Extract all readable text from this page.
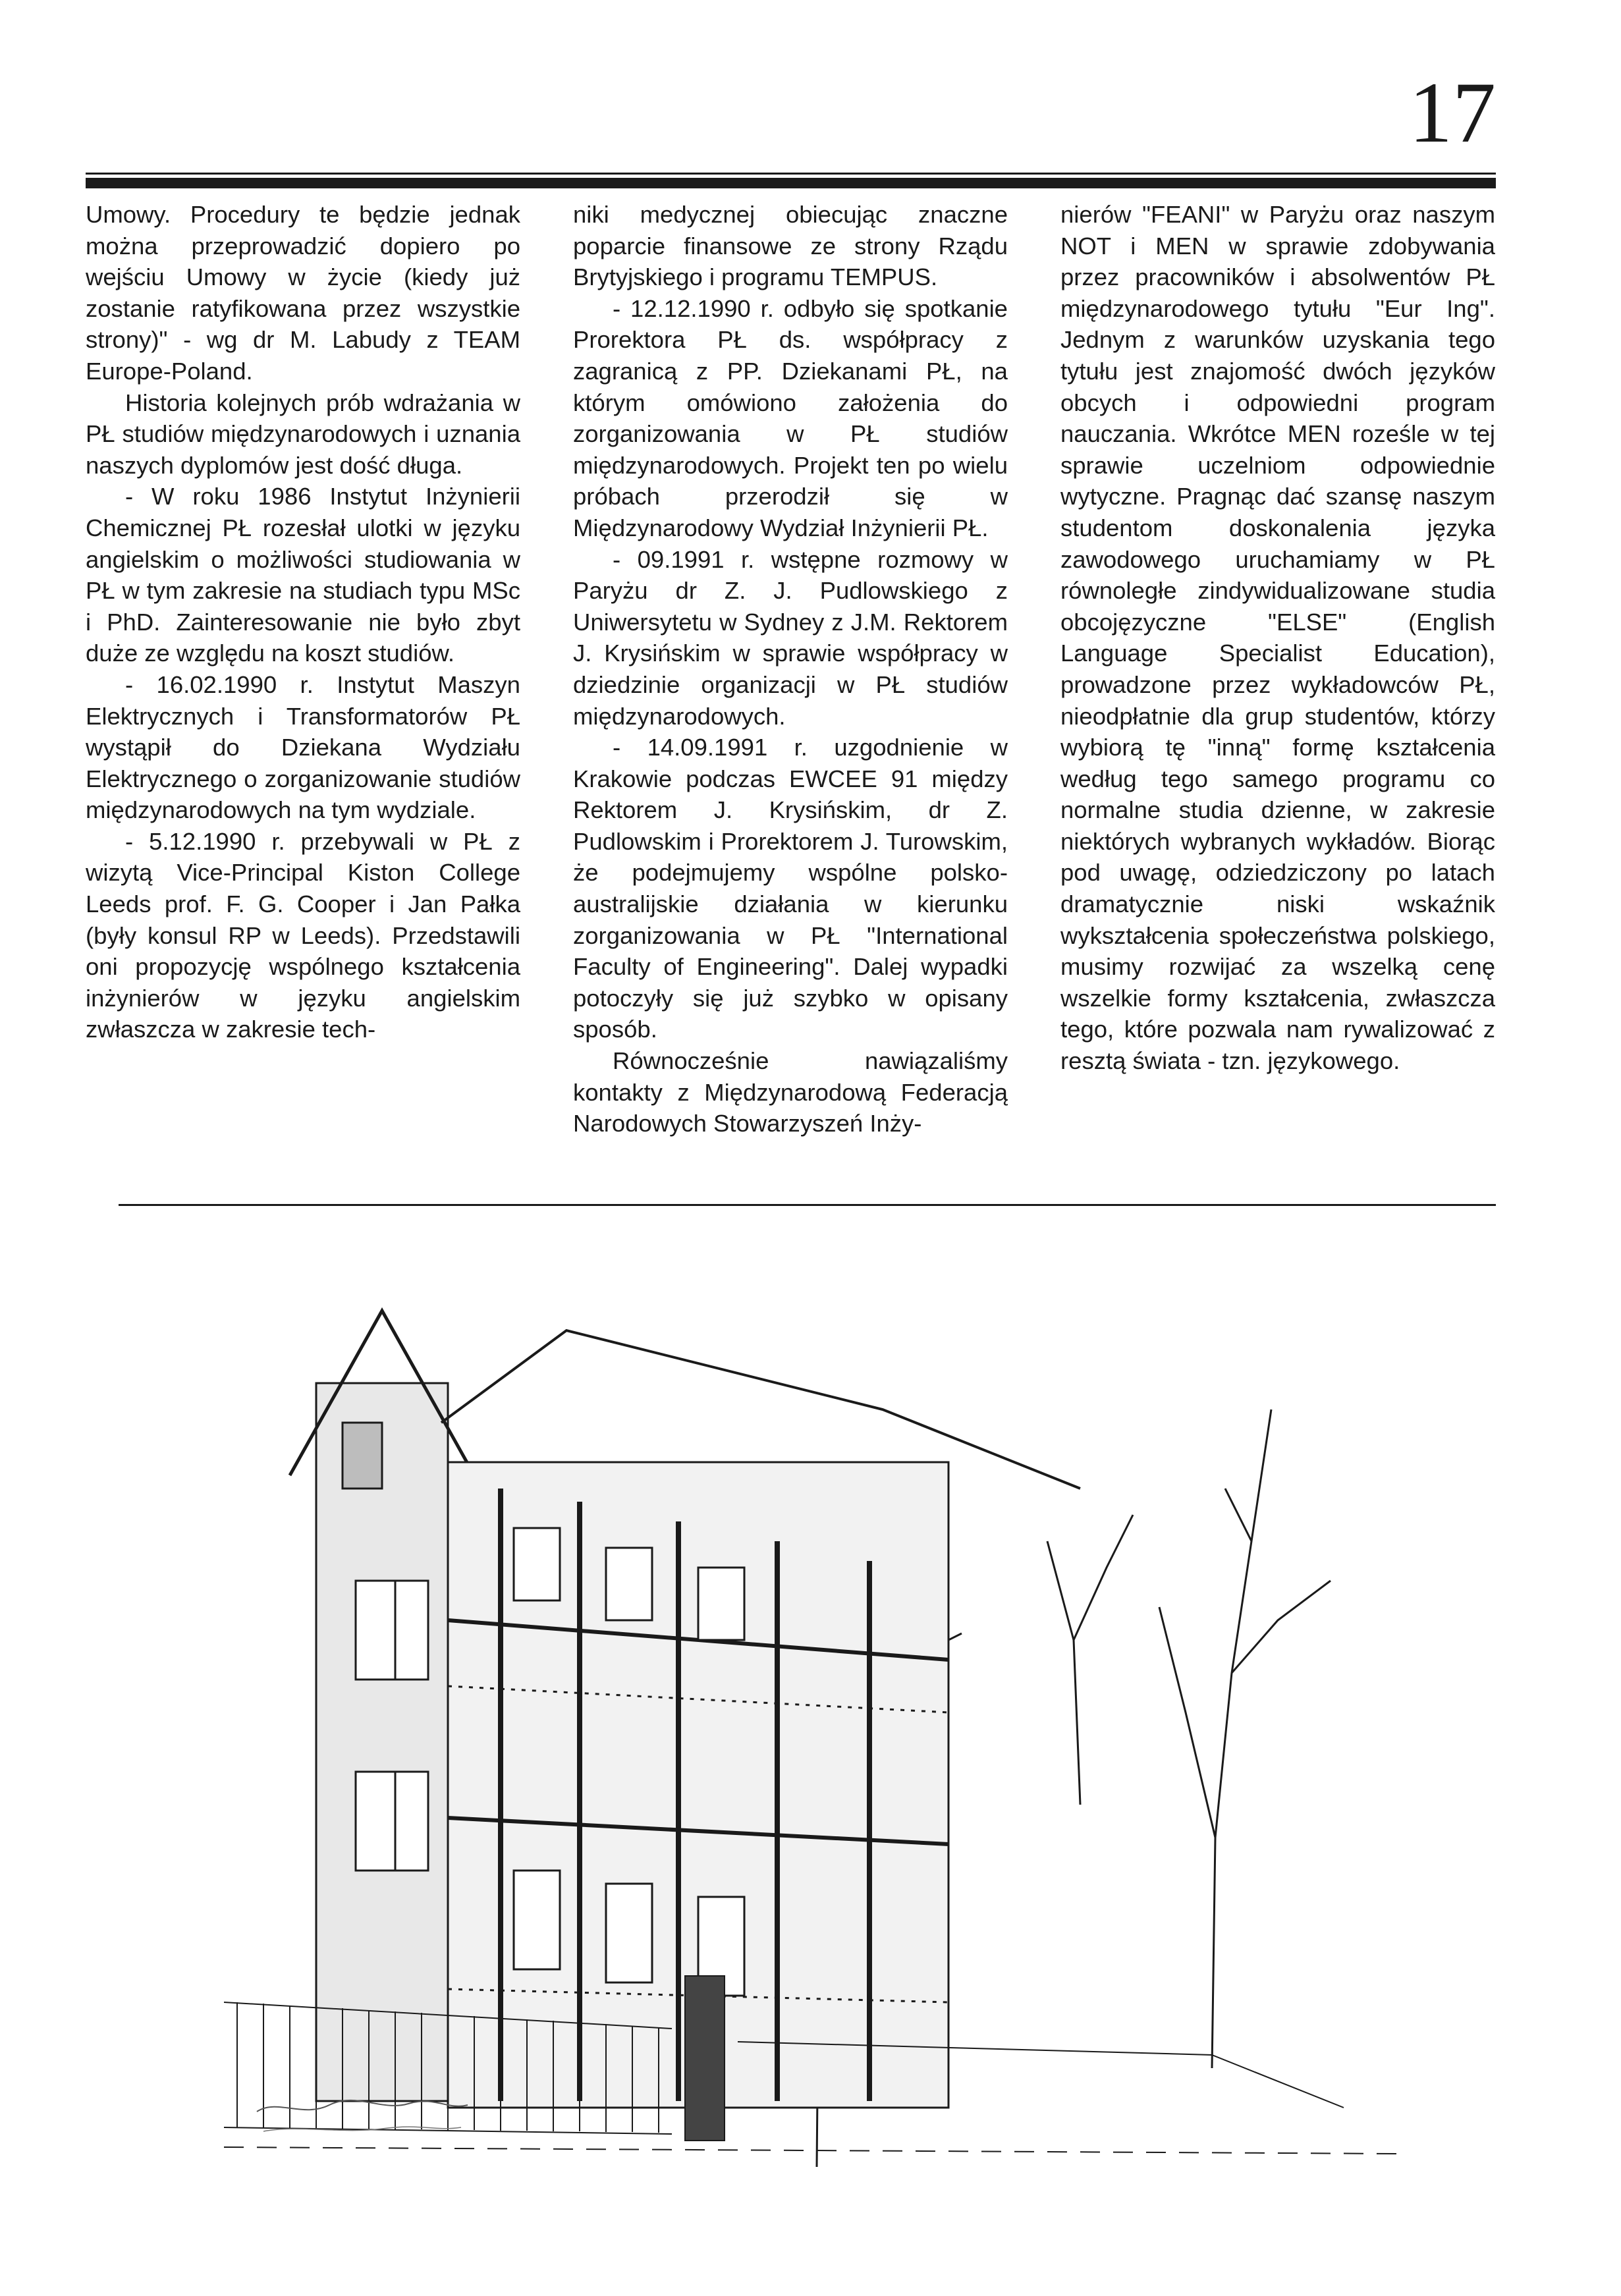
17

Umowy. Procedury te będzie jednak można przeprowadzić dopiero po wejściu Umowy w życie (kiedy już zostanie ratyfikowana przez wszystkie strony)" - wg dr M. Labudy z TEAM Europe-Poland.

Historia kolejnych prób wdrażania w PŁ studiów międzynarodowych i uznania naszych dyplomów jest dość długa.

- W roku 1986 Instytut Inżynierii Chemicznej PŁ rozesłał ulotki w języku angielskim o możliwości studiowania w PŁ w tym zakresie na studiach typu MSc i PhD. Zainteresowanie nie było zbyt duże ze względu na koszt studiów.

- 16.02.1990 r. Instytut Maszyn Elektrycznych i Transformatorów PŁ wystąpił do Dziekana Wydziału Elektrycznego o zorganizowanie studiów międzynarodowych na tym wydziale.

- 5.12.1990 r. przebywali w PŁ z wizytą Vice-Principal Kiston College Leeds prof. F. G. Cooper i Jan Pałka (były konsul RP w Leeds). Przedstawili oni propozycję wspólnego kształcenia inżynierów w języku angielskim zwłaszcza w zakresie tech-

niki medycznej obiecując znaczne poparcie finansowe ze strony Rządu Brytyjskiego i programu TEMPUS.

- 12.12.1990 r. odbyło się spotkanie Prorektora PŁ ds. współpracy z zagranicą z PP. Dziekanami PŁ, na którym omówiono założenia do zorganizowania w PŁ studiów międzynarodowych. Projekt ten po wielu próbach przerodził się w Międzynarodowy Wydział Inżynierii PŁ.

- 09.1991 r. wstępne rozmowy w Paryżu dr Z. J. Pudlowskiego z Uniwersytetu w Sydney z J.M. Rektorem J. Krysińskim w sprawie współpracy w dziedzinie organizacji w PŁ studiów międzynarodowych.

- 14.09.1991 r. uzgodnienie w Krakowie podczas EWCEE 91 między Rektorem J. Krysińskim, dr Z. Pudlowskim i Prorektorem J. Turowskim, że podejmujemy wspólne polsko-australijskie działania w kierunku zorganizowania w PŁ "International Faculty of Engineering". Dalej wypadki potoczyły się już szybko w opisany sposób.

Równocześnie nawiązaliśmy kontakty z Międzynarodową Federacją Narodowych Stowarzyszeń Inży-

nierów "FEANI" w Paryżu oraz naszym NOT i MEN w sprawie zdobywania przez pracowników i absolwentów PŁ międzynarodowego tytułu "Eur Ing". Jednym z warunków uzyskania tego tytułu jest znajomość dwóch języków obcych i odpowiedni program nauczania. Wkrótce MEN roześle w tej sprawie uczelniom odpowiednie wytyczne. Pragnąc dać szansę naszym studentom doskonalenia języka zawodowego uruchamiamy w PŁ równoległe zindywidualizowane studia obcojęzyczne "ELSE" (English Language Specialist Education), prowadzone przez wykładowców PŁ, nieodpłatnie dla grup studentów, którzy wybiorą tę "inną" formę kształcenia według tego samego programu co normalne studia dzienne, w zakresie niektórych wybranych wykładów. Biorąc pod uwagę, odziedziczony po latach dramatycznie niski wskaźnik wykształcenia społeczeństwa polskiego, musimy rozwijać za wszelką cenę wszelkie formy kształcenia, zwłaszcza tego, które pozwala nam rywalizować z resztą świata - tzn. językowego.
